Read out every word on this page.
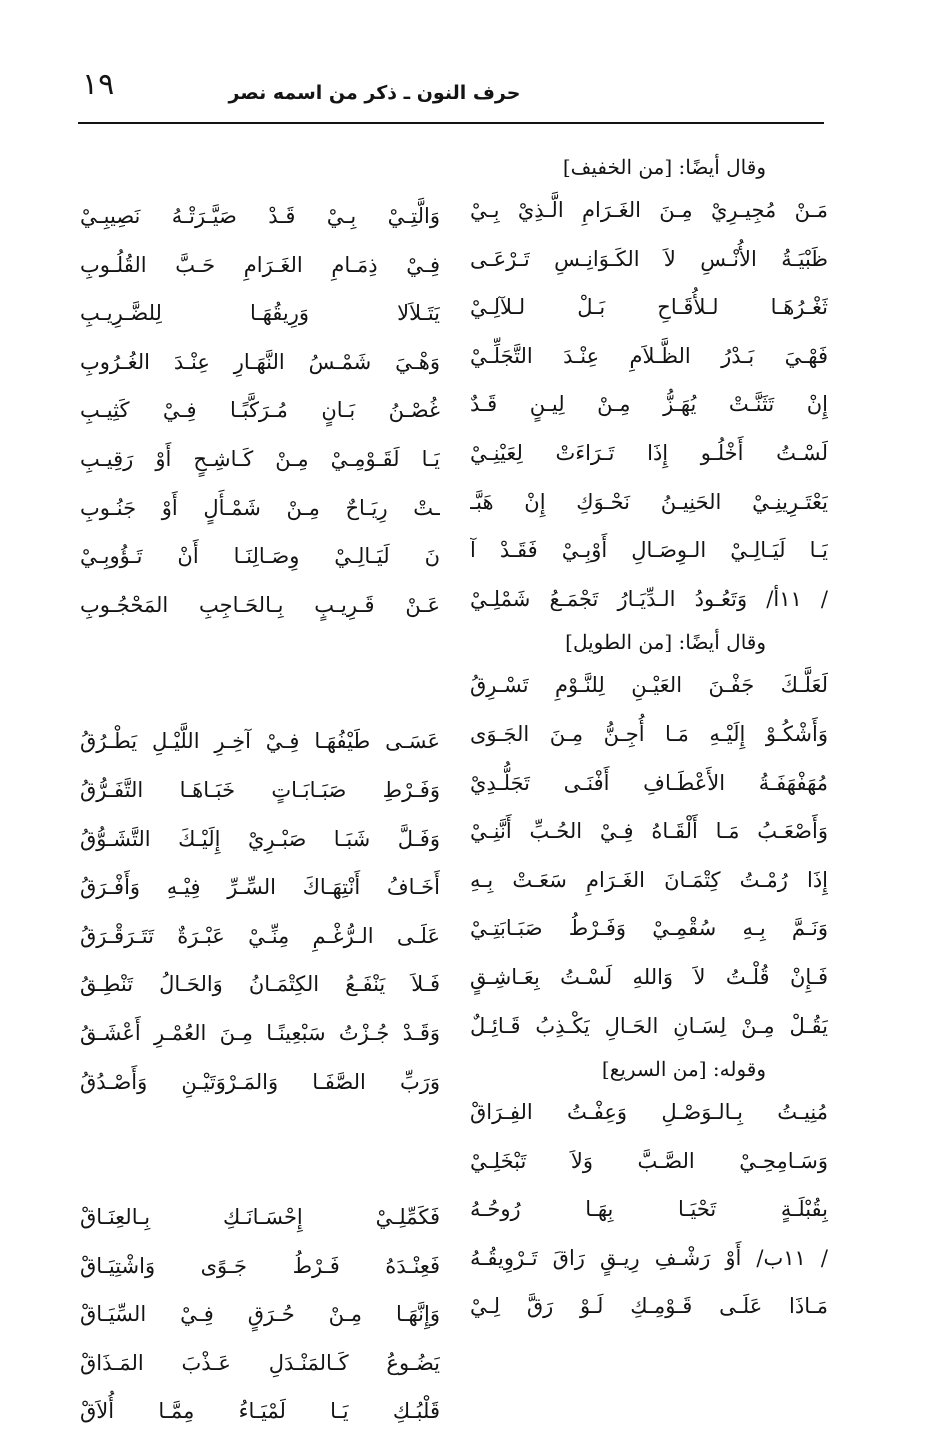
١٩	حرف النون ـ ذكر من اسمه نصر
وقال أيضًا: [من الخفيف]
مَـنْ مُجِيـرِيْ مِـنَ الغَـرَامِ الَّـذِيْ بِـيْ
ظَبْيَـةُ الأُنْـسِ لاَ الكَـوَانِـسِ تَـرْعَـى
ثَغْـرُهَـا لـلأُقَـاحِ بَـلْ لـلآلِـيْ
فَهْـيَ بَـدْرُ الظَّـلاَمِ عِنْـدَ التَّجَلِّـيْ
إِنْ تَثَنَّـتْ يُهَـزُّ مِـنْ لِيـنٍ قَـدٌ
لَسْـتُ أَخْلُـو إِذَا تَـرَاءَتْ لِعَيْنِـيْ
يَعْتَـرِينِـيْ الحَنِيـنُ نَحْـوَكِ إِنْ هَبَّـ
يَـا لَيَـالِـيْ الـوِصَـالِ أَوْبِـيْ فَقَـدْ آ
/ ١١أ/ وَتَعُـودُ الـدِّيَـارُ تَجْمَـعُ شَمْلِـيْ
وقال أيضًا: [من الطويل]
لَعَلَّـكَ جَفْـنَ العَيْـنِ لِلنَّـوْمِ تَسْـرِقُ
وَأَشْكُـوْ إِلَيْـهِ مَـا أُجِـنُّ مِـنَ الجَـوَى
مُهَفْهَفَـةُ الأَعْطَـافِ أَفْنَـى تَجَلُّـدِيْ
وَأَصْعَـبُ مَـا أَلْقَـاهُ فِـيْ الحُـبِّ أَنَّنِـيْ
إِذَا رُمْـتُ كِتْمَـانَ الغَـرَامِ سَعَـتْ بِـهِ
وَنَـمَّ بِـهِ سُقْمِـيْ وَفَـرْطُ صَبَـابَتِـيْ
فَـإِنْ قُلْـتُ لاَ وَاللهِ لَسْـتُ بِعَـاشِـقٍ
يَقُـلْ مِـنْ لِسَـانِ الحَـالِ يَكْـذِبُ قَـائِـلٌ
وقوله: [من السريع]
مُنِيـتُ بِـالـوَصْـلِ وَعِفْـتُ الفِـرَاقْ
وَسَـامِحِـيْ الصَّـبَّ وَلاَ تَبْخَلِـيْ
بِقُبْلَـةٍ تَحْيَـا بِهَـا رُوحُـهُ
/ ١١ب/ أَوْ رَشْـفِ رِيـقٍ رَاقَ تَـرْوِيقُـهُ
مَـاذَا عَلَـى قَـوْمِـكِ لَـوْ رَقَّ لِـيْ
وَالَّتِـيْ بِـيْ قَـدْ صَيَّـرَتْـهُ نَصِيبِـيْ
فِـيْ ذِمَـامِ الغَـرَامِ حَـبَّ القُلُـوبِ
يَتَـلاَلا وَرِيقُهَـا لِلضَّـرِيـبِ
وَهْـيَ شَمْـسُ النَّهَـارِ عِنْـدَ الغُـرُوبِ
غُصْـنُ بَـانٍ مُـرَكَّبًـا فِـيْ كَثِيـبِ
يَـا لَقَـوْمِـيْ مِـنْ كَـاشِـحٍ أَوْ رَقِيـبِ
ـتْ رِيَـاحٌ مِـنْ شَمْـأَلٍ أَوْ جَنُـوبِ
نَ لَيَـالِـيْ وِصَـالِنَـا أَنْ تَـؤُوبِـيْ
عَـنْ قَـرِيـبٍ بِـالحَـاجِبِ المَحْجُـوبِ
عَسَـى طَيْفُهَـا فِـيْ آخِـرِ اللَّيْـلِ يَطْـرُقُ
وَفَـرْطِ صَبَـابَـاتٍ خَبَـاهَـا التَّفَـرُّقُ
وَفَـلَّ شَبَـا صَبْـرِيْ إِلَيْـكَ التَّشَـوُّقُ
أَخَـافُ أَنْتِهَـاكَ السِّـرِّ فِيْـهِ وَأَفْـرَقُ
عَلَـى الـرُّغْـمِ مِنِّـيْ عَبْـرَةٌ تَتَـرَقْـرَقُ
فَـلاَ يَنْفَـعُ الكِتْمَـانُ وَالحَـالُ تَنْطِـقُ
وَقَـدْ جُـزْتُ سَبْعِينًـا مِـنَ العُمْـرِ أَعْشَـقُ
وَرَبِّ الصَّفَـا وَالمَـرْوَتَيْـنِ وَأَصْـدُقُ
فَكَمِّلِـيْ إِحْسَـانَـكِ بِـالعِنَـاقْ
فَعِنْـدَهُ فَـرْطُ جَـوًى وَاشْتِيَـاقْ
وَإِنَّهَـا مِـنْ حُـرَقٍ فِـيْ السِّيَـاقْ
يَضُـوعُ كَـالمَنْـدَلِ عَـذْبَ المَـذَاقْ
قَلْبُـكِ يَـا لَمْيَـاءُ مِمَّـا أُلاَقْ
